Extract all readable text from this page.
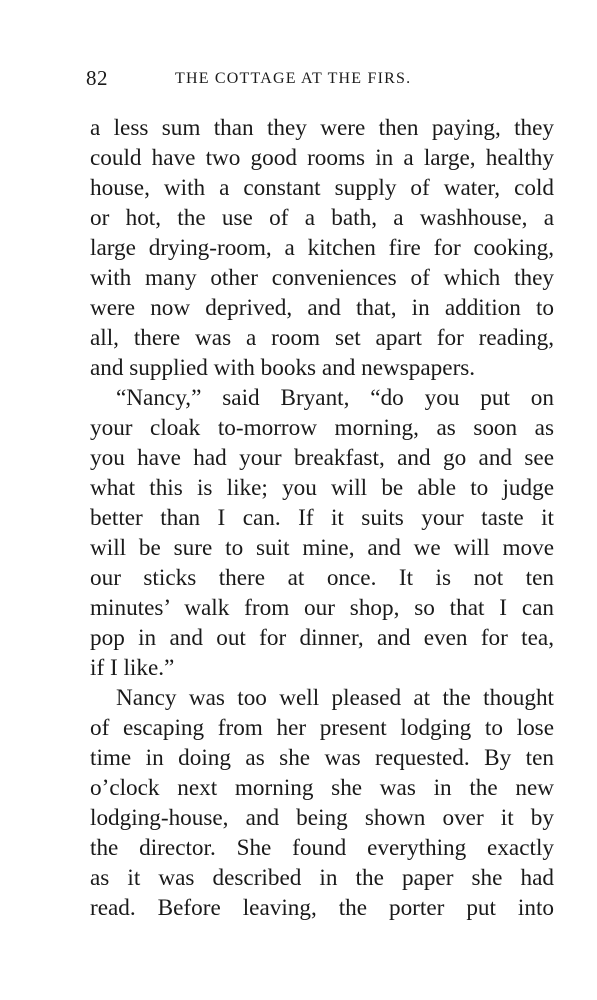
82	THE COTTAGE AT THE FIRS.
a less sum than they were then paying, they
could have two good rooms in a large, healthy
house, with a constant supply of water, cold
or hot, the use of a bath, a washhouse, a
large drying-room, a kitchen fire for cooking,
with many other conveniences of which they
were now deprived, and that, in addition to
all, there was a room set apart for reading,
and supplied with books and newspapers.
“Nancy,” said Bryant, “do you put on
your cloak to-morrow morning, as soon as
you have had your breakfast, and go and see
what this is like; you will be able to judge
better than I can. If it suits your taste it
will be sure to suit mine, and we will move
our sticks there at once. It is not ten
minutes’ walk from our shop, so that I can
pop in and out for dinner, and even for tea,
if I like.”
Nancy was too well pleased at the thought
of escaping from her present lodging to lose
time in doing as she was requested. By ten
o’clock next morning she was in the new
lodging-house, and being shown over it by
the director. She found everything exactly
as it was described in the paper she had
read. Before leaving, the porter put into
